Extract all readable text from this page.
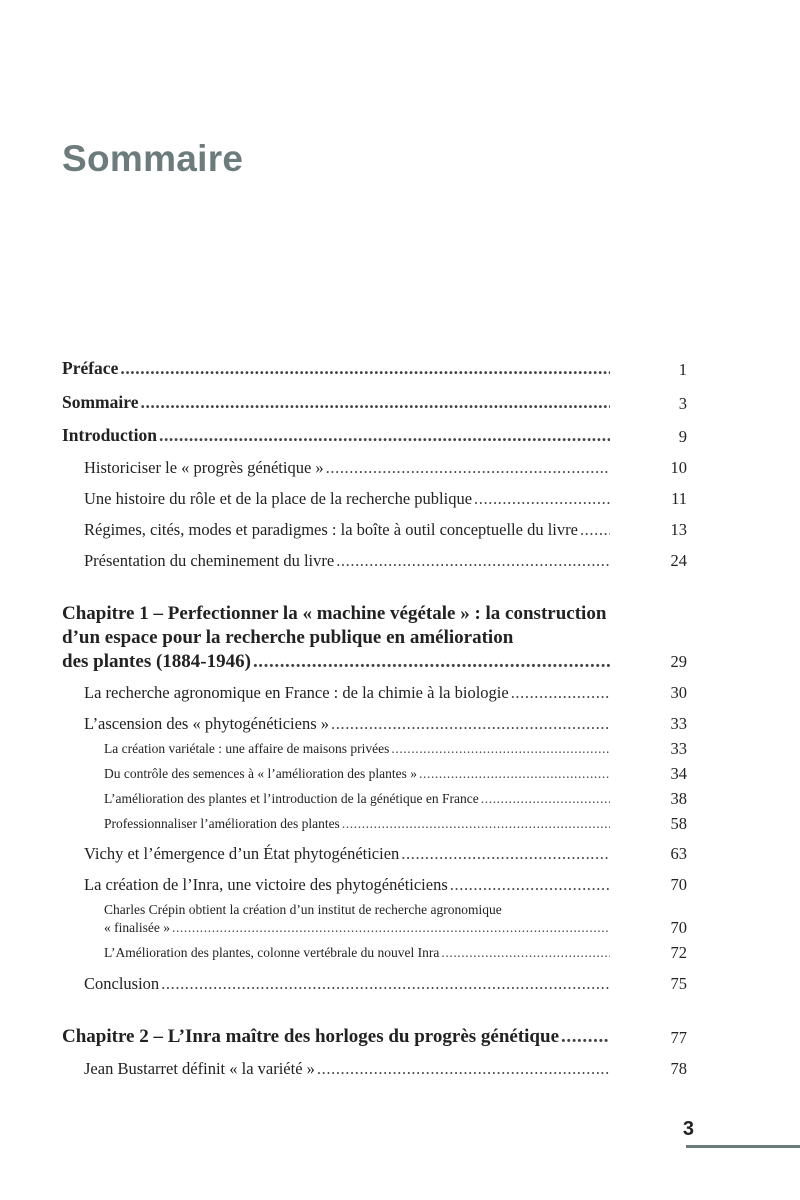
Sommaire
Préface .....	1
Sommaire .....	3
Introduction .....	9
Historiciser le « progrès génétique » .....	10
Une histoire du rôle et de la place de la recherche publique .....	11
Régimes, cités, modes et paradigmes : la boîte à outil conceptuelle du livre .....	13
Présentation du cheminement du livre .....	24
Chapitre 1 – Perfectionner la « machine végétale » : la construction
d’un espace pour la recherche publique en amélioration
des plantes (1884-1946) .....	29
La recherche agronomique en France : de la chimie à la biologie .....	30
L’ascension des « phytogénéticiens » .....	33
La création variétale : une affaire de maisons privées .....	33
Du contrôle des semences à « l’amélioration des plantes » .....	34
L’amélioration des plantes et l’introduction de la génétique en France .....	38
Professionnaliser l’amélioration des plantes .....	58
Vichy et l’émergence d’un État phytogénéticien .....	63
La création de l’Inra, une victoire des phytogénéticiens .....	70
Charles Crépin obtient la création d’un institut de recherche agronomique
« finalisée » .....	70
L’Amélioration des plantes, colonne vertébrale du nouvel Inra .....	72
Conclusion .....	75
Chapitre 2 – L’Inra maître des horloges du progrès génétique .....	77
Jean Bustarret définit « la variété » .....	78
3
